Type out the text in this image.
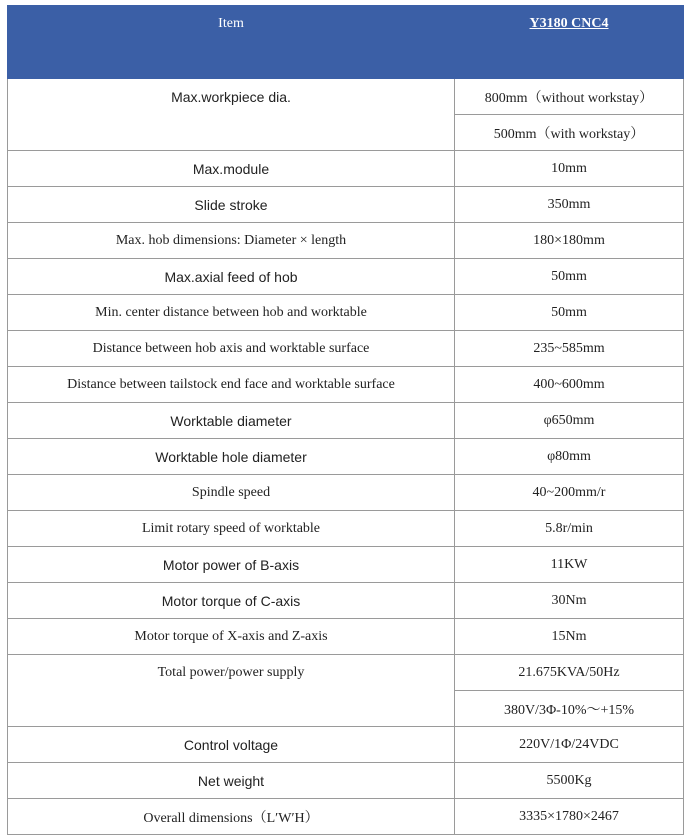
Item	Y3180 CNC4
Max.workpiece dia.	800mm（without workstay）
	500mm（with workstay）
Max.module	10mm
Slide stroke	350mm
Max. hob dimensions: Diameter × length	180×180mm
Max.axial feed of hob	50mm
Min. center distance between hob and worktable	50mm
Distance between hob axis and worktable surface	235~585mm
Distance between tailstock end face and worktable surface	400~600mm
Worktable diameter	φ650mm
Worktable hole diameter	φ80mm
Spindle speed	40~200mm/r
Limit rotary speed of worktable	5.8r/min
Motor power of B-axis	11KW
Motor torque of C-axis	30Nm
Motor torque of X-axis and Z-axis	15Nm
Total power/power supply	21.675KVA/50Hz
	380V/3Φ-10%～+15%
Control voltage	220V/1Φ/24VDC
Net weight	5500Kg
Overall dimensions（L′W′H）	3335×1780×2467
